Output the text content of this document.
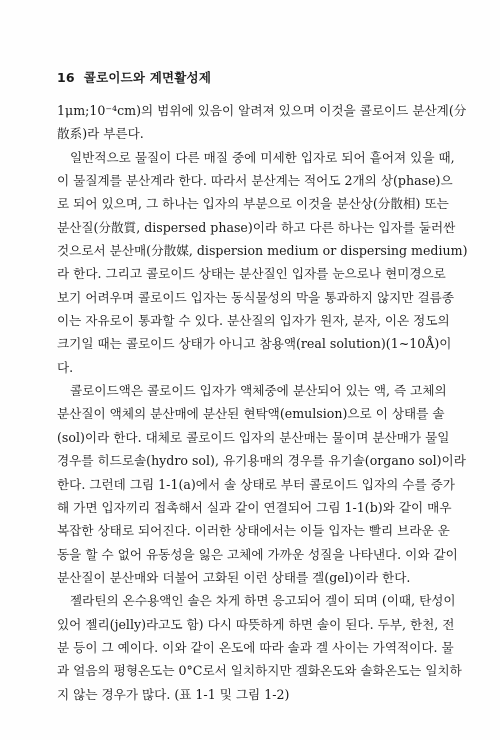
16 콜로이드와 계면활성제
1μm;10⁻⁴cm)의 범위에 있음이 알려져 있으며 이것을 콜로이드 분산계(分
散系)라 부른다.
일반적으로 물질이 다른 매질 중에 미세한 입자로 되어 흩어져 있을 때,
이 물질계를 분산계라 한다. 따라서 분산계는 적어도 2개의 상(phase)으
로 되어 있으며, 그 하나는 입자의 부분으로 이것을 분산상(分散相) 또는
분산질(分散質, dispersed phase)이라 하고 다른 하나는 입자를 둘러싼
것으로서 분산매(分散媒, dispersion medium or dispersing medium)
라 한다. 그리고 콜로이드 상태는 분산질인 입자를 눈으로나 현미경으로
보기 어려우며 콜로이드 입자는 동식물성의 막을 통과하지 않지만 걸름종
이는 자유로이 통과할 수 있다. 분산질의 입자가 원자, 분자, 이온 정도의
크기일 때는 콜로이드 상태가 아니고 참용액(real solution)(1~10Å)이
다.
콜로이드액은 콜로이드 입자가 액체중에 분산되어 있는 액, 즉 고체의
분산질이 액체의 분산매에 분산된 현탁액(emulsion)으로 이 상태를 솔
(sol)이라 한다. 대체로 콜로이드 입자의 분산매는 물이며 분산매가 물일
경우를 히드로솔(hydro sol), 유기용매의 경우를 유기솔(organo sol)이라
한다. 그런데 그림 1-1(a)에서 솔 상태로 부터 콜로이드 입자의 수를 증가
해 가면 입자끼리 접촉해서 실과 같이 연결되어 그림 1-1(b)와 같이 매우
복잡한 상태로 되어진다. 이러한 상태에서는 이들 입자는 빨리 브라운 운
동을 할 수 없어 유동성을 잃은 고체에 가까운 성질을 나타낸다. 이와 같이
분산질이 분산매와 더불어 고화된 이런 상태를 겔(gel)이라 한다.
젤라틴의 온수용액인 솔은 차게 하면 응고되어 겔이 되며 (이때, 탄성이
있어 젤리(jelly)라고도 함) 다시 따뜻하게 하면 솔이 된다. 두부, 한천, 전
분 등이 그 예이다. 이와 같이 온도에 따라 솔과 겔 사이는 가역적이다. 물
과 얼음의 평형온도는 0°C로서 일치하지만 겔화온도와 솔화온도는 일치하
지 않는 경우가 많다. (표 1-1 및 그림 1-2)
